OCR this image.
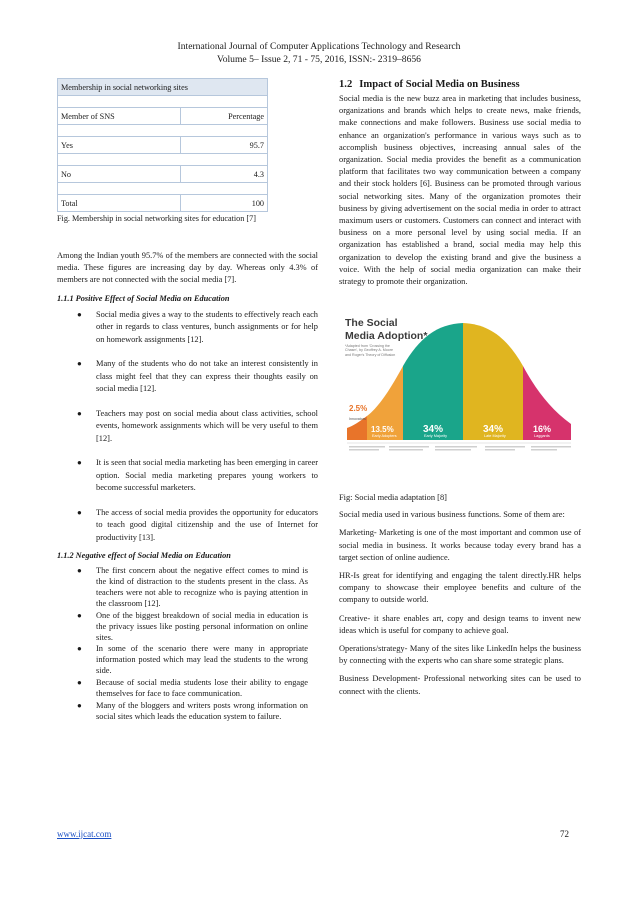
International Journal of Computer Applications Technology and Research
Volume 5– Issue 2, 71 - 75, 2016, ISSN:- 2319–8656
Membership in social networking sites	

Member of SNS	Percentage

Yes	95.7

No	4.3

Total	100
Fig. Membership in social networking sites for education [7]

Among the Indian youth 95.7% of the members are connected with the social media. These figures are increasing day by day. Whereas only 4.3% of members are not connected with the social media [7].

1.1.1 Positive Effect of Social Media on Education
● Social media gives a way to the students to effectively reach each other in regards to class ventures, bunch assignments or for help on homework assignments [12].
● Many of the students who do not take an interest consistently in class might feel that they can express their thoughts easily on social media [12].
● Teachers may post on social media about class activities, school events, homework assignments which will be very useful to them [12].
● It is seen that social media marketing has been emerging in career option. Social media marketing prepares young workers to become successful marketers.
● The access of social media provides the opportunity for educators to teach good digital citizenship and the use of Internet for productivity [13].
1.1.2 Negative effect of Social Media on Education
● The first concern about the negative effect comes to mind is the kind of distraction to the students present in the class. As teachers were not able to recognize who is paying attention in the classroom [12].
● One of the biggest breakdown of social media in education is the privacy issues like posting personal information on online sites.
● In some of the scenario there were many in appropriate information posted which may lead the students to the wrong side.
● Because of social media students lose their ability to engage themselves for face to face communication.
● Many of the bloggers and writers posts wrong information on social sites which leads the education system to failure.
1.2 Impact of Social Media on Business

Social media is the new buzz area in marketing that includes business, organizations and brands which helps to create news, make friends, make connections and make followers. Business use social media to enhance an organization's performance in various ways such as to accomplish business objectives, increasing annual sales of the organization. Social media provides the benefit as a communication platform that facilitates two way communication between a company and their stock holders [6]. Business can be promoted through various social networking sites. Many of the organization promotes their business by giving advertisement on the social media in order to attract maximum users or customers. Customers can connect and interact with business on a more personal level by using social media. If an organization has established a brand, social media may help this organization to develop the existing brand and give the business a voice. With the help of social media organization can make their strategy to promote their organization.

The Social
Media Adoption*
*Adapted from 'Crossing the Chasm', by Geoffrey A. Moore and Roger's Theory of Diffusion
2.5%
13.5%	34%	34%	16%
Innovators
Early Adopters	Early Majority	Late Majority	Laggards
Fig: Social media adaptation [8]

Social media used in various business functions. Some of them are:

Marketing- Marketing is one of the most important and common use of social media in business. It works because today every brand has a target section of online audience.

HR-Is great for identifying and engaging the talent directly.HR helps company to showcase their employee benefits and culture of the company to outside world.

Creative- it share enables art, copy and design teams to invent new ideas which is useful for company to achieve goal.

Operations/strategy- Many of the sites like LinkedIn helps the business by connecting with the experts who can share some strategic plans.

Business Development- Professional networking sites can be used to connect with the clients.

www.ijcat.com	72
